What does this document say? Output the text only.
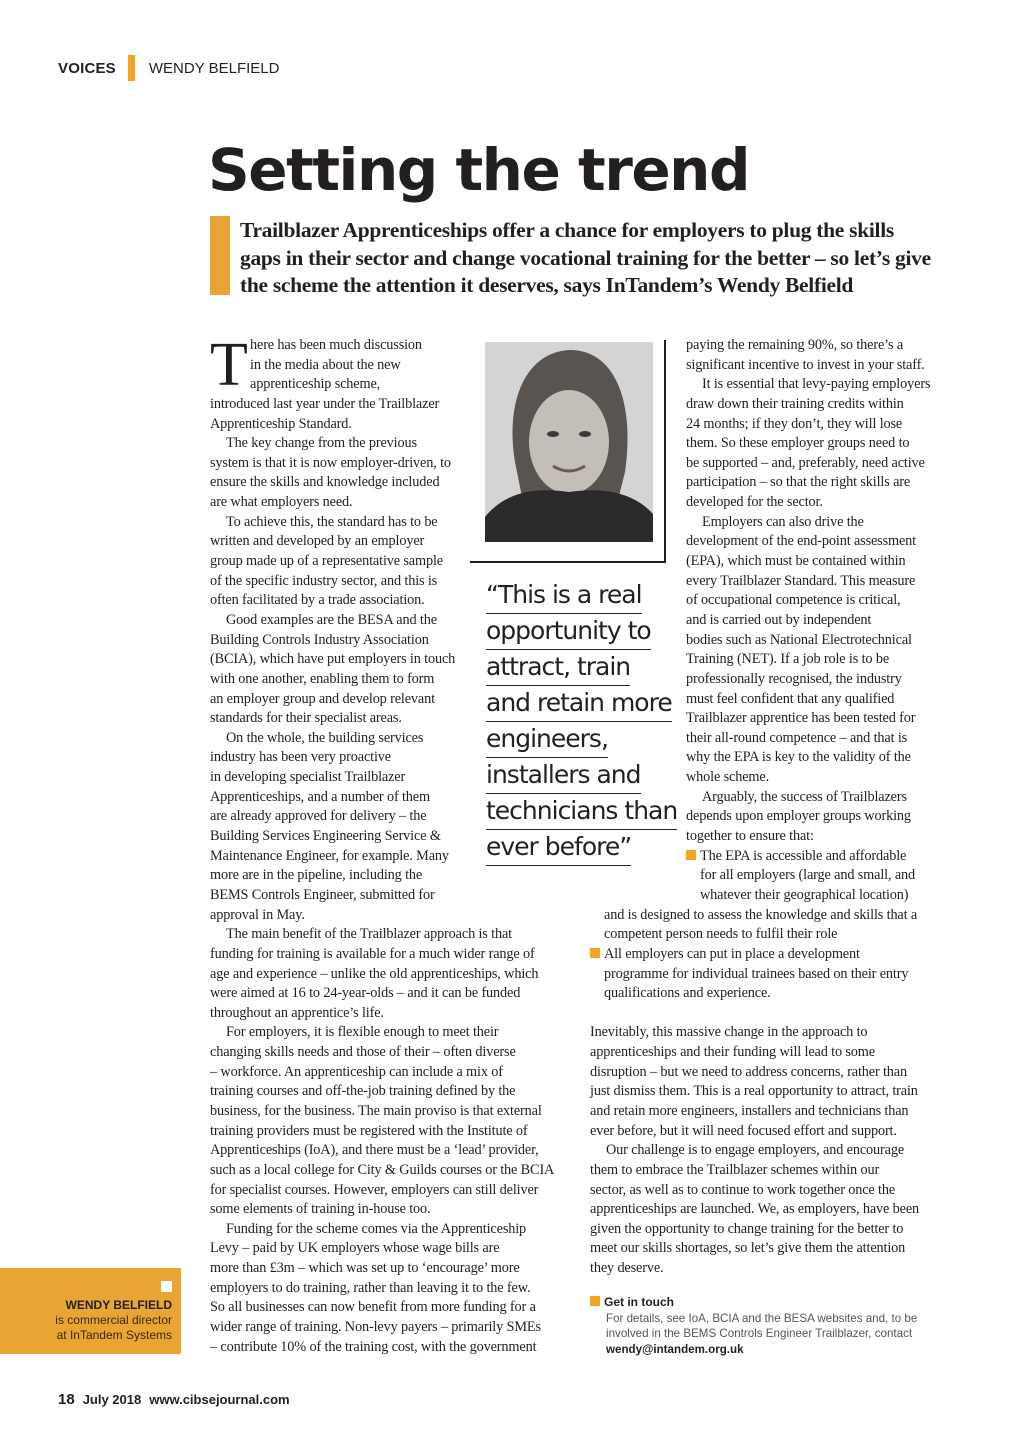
VOICES WENDY BELFIELD
Setting the trend
Trailblazer Apprenticeships offer a chance for employers to plug the skills
gaps in their sector and change vocational training for the better – so let’s give
the scheme the attention it deserves, says InTandem’s Wendy Belfield
T here has been much discussion
in the media about the new
apprenticeship scheme,
introduced last year under the Trailblazer
Apprenticeship Standard.
The key change from the previous
system is that it is now employer-driven, to
ensure the skills and knowledge included
are what employers need.
To achieve this, the standard has to be
written and developed by an employer
group made up of a representative sample
of the specific industry sector, and this is
often facilitated by a trade association.
Good examples are the BESA and the
Building Controls Industry Association
(BCIA), which have put employers in touch
with one another, enabling them to form
an employer group and develop relevant
standards for their specialist areas.
On the whole, the building services
industry has been very proactive
in developing specialist Trailblazer
Apprenticeships, and a number of them
are already approved for delivery – the
Building Services Engineering Service &
Maintenance Engineer, for example. Many
more are in the pipeline, including the
BEMS Controls Engineer, submitted for
approval in May.
The main benefit of the Trailblazer approach is that
funding for training is available for a much wider range of
age and experience – unlike the old apprenticeships, which
were aimed at 16 to 24-year-olds – and it can be funded
throughout an apprentice’s life.
For employers, it is flexible enough to meet their
changing skills needs and those of their – often diverse
– workforce. An apprenticeship can include a mix of
training courses and off-the-job training defined by the
business, for the business. The main proviso is that external
training providers must be registered with the Institute of
Apprenticeships (IoA), and there must be a ‘lead’ provider,
such as a local college for City & Guilds courses or the BCIA
for specialist courses. However, employers can still deliver
some elements of training in-house too.
Funding for the scheme comes via the Apprenticeship
Levy – paid by UK employers whose wage bills are
more than £3m – which was set up to ‘encourage’ more
employers to do training, rather than leaving it to the few.
So all businesses can now benefit from more funding for a
wider range of training. Non-levy payers – primarily SMEs
– contribute 10% of the training cost, with the government
“This is a real
opportunity to
attract, train
and retain more
engineers,
installers and
technicians than
ever before”
paying the remaining 90%, so there’s a
significant incentive to invest in your staff.
It is essential that levy-paying employers
draw down their training credits within
24 months; if they don’t, they will lose
them. So these employer groups need to
be supported – and, preferably, need active
participation – so that the right skills are
developed for the sector.
Employers can also drive the
development of the end-point assessment
(EPA), which must be contained within
every Trailblazer Standard. This measure
of occupational competence is critical,
and is carried out by independent
bodies such as National Electrotechnical
Training (NET). If a job role is to be
professionally recognised, the industry
must feel confident that any qualified
Trailblazer apprentice has been tested for
their all-round competence – and that is
why the EPA is key to the validity of the
whole scheme.
Arguably, the success of Trailblazers
depends upon employer groups working
together to ensure that:
The EPA is accessible and affordable
for all employers (large and small, and
whatever their geographical location)
and is designed to assess the knowledge and skills that a
competent person needs to fulfil their role
All employers can put in place a development
programme for individual trainees based on their entry
qualifications and experience.

Inevitably, this massive change in the approach to
apprenticeships and their funding will lead to some
disruption – but we need to address concerns, rather than
just dismiss them. This is a real opportunity to attract, train
and retain more engineers, installers and technicians than
ever before, but it will need focused effort and support.
Our challenge is to engage employers, and encourage
them to embrace the Trailblazer schemes within our
sector, as well as to continue to work together once the
apprenticeships are launched. We, as employers, have been
given the opportunity to change training for the better to
meet our skills shortages, so let’s give them the attention
they deserve.
WENDY BELFIELD
is commercial director
at InTandem Systems
Get in touch
For details, see IoA, BCIA and the BESA websites and, to be
involved in the BEMS Controls Engineer Trailblazer, contact
wendy@intandem.org.uk
18 July 2018 www.cibsejournal.com
